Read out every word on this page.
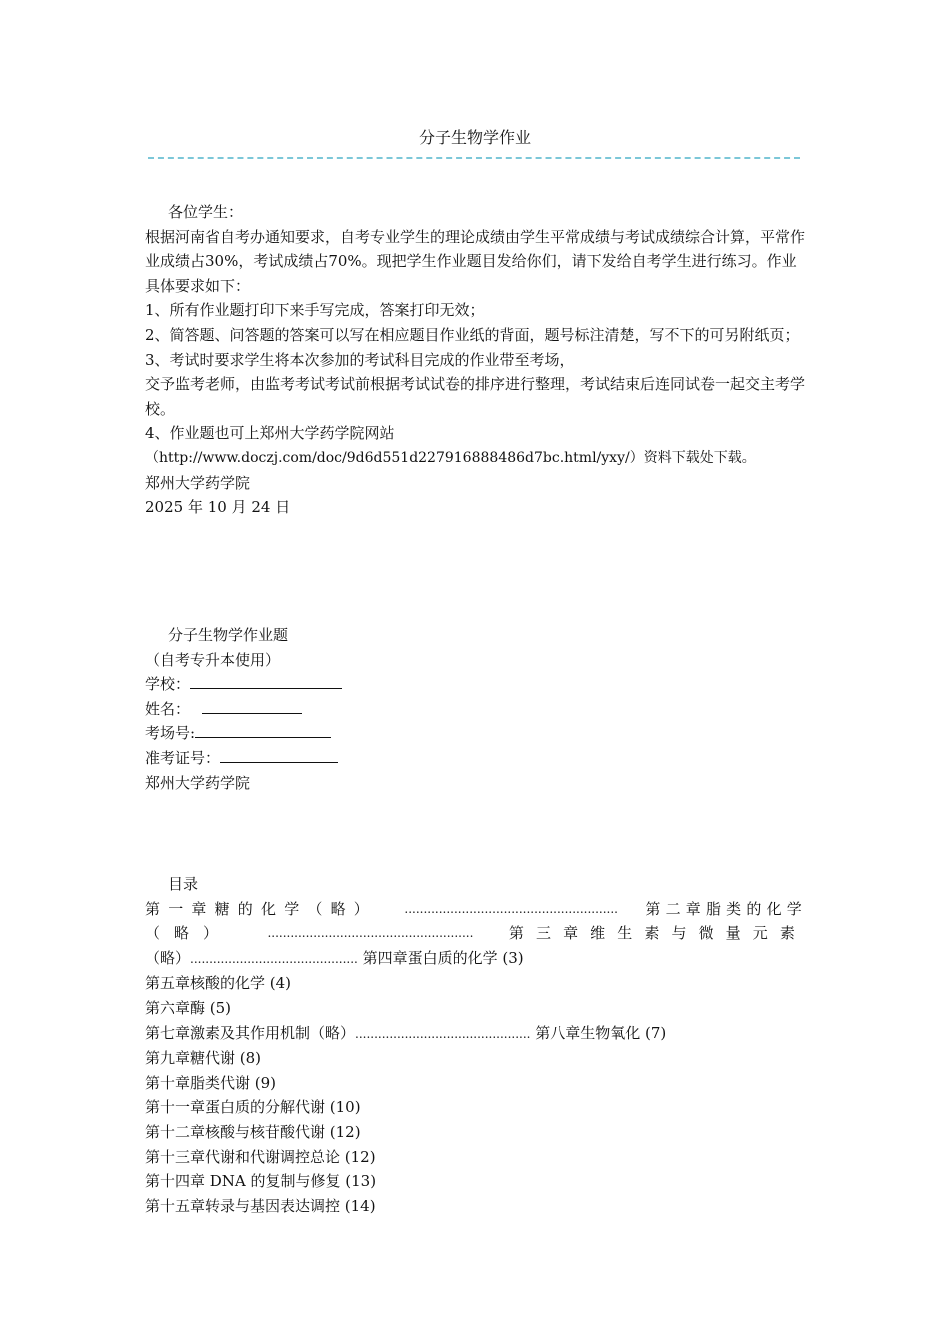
分子生物学作业
各位学生：
根据河南省自考办通知要求，自考专业学生的理论成绩由学生平常成绩与考试成绩综合计算，平常作业成绩占30%，考试成绩占70%。现把学生作业题目发给你们，请下发给自考学生进行练习。作业具体要求如下：
1、所有作业题打印下来手写完成，答案打印无效；
2、简答题、问答题的答案可以写在相应题目作业纸的背面，题号标注清楚，写不下的可另附纸页；
3、考试时要求学生将本次参加的考试科目完成的作业带至考场，
交予监考老师，由监考考试考试前根据考试试卷的排序进行整理，考试结束后连同试卷一起交主考学校。
4、作业题也可上郑州大学药学院网站
（http://www.doczj.com/doc/9d6d551d227916888486d7bc.html/yxy/）资料下载处下载。
郑州大学药学院
2025 年 10 月 24 日
分子生物学作业题
（自考专升本使用）
学校：
姓名：
考场号:
准考证号：
郑州大学药学院
目录
第一章糖的化学（略） ........................................................ 第二章脂类的化学
（略）	...................................................... 第三章维生素与微量元素
（略）............................................ 第四章蛋白质的化学 (3)
第五章核酸的化学 (4)
第六章酶 (5)
第七章激素及其作用机制（略）.............................................. 第八章生物氧化 (7)
第九章糖代谢 (8)
第十章脂类代谢 (9)
第十一章蛋白质的分解代谢 (10)
第十二章核酸与核苷酸代谢 (12)
第十三章代谢和代谢调控总论 (12)
第十四章 DNA 的复制与修复 (13)
第十五章转录与基因表达调控 (14)
